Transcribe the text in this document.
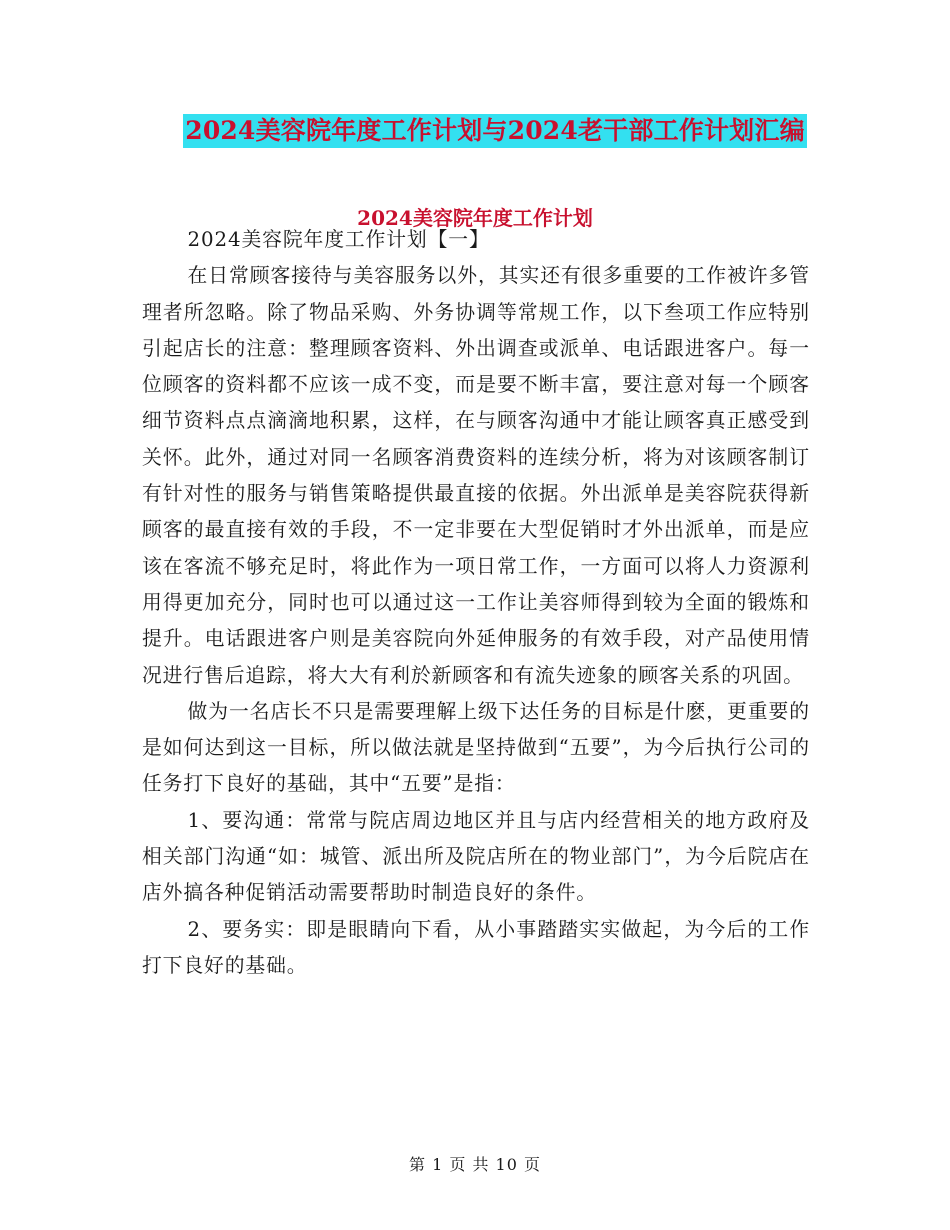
2024美容院年度工作计划与2024老干部工作计划汇编
2024美容院年度工作计划

2024美容院年度工作计划【一】

在日常顾客接待与美容服务以外，其实还有很多重要的工作被许多管理者所忽略。除了物品采购、外务协调等常规工作，以下叁项工作应特别引起店长的注意：整理顾客资料、外出调查或派单、电话跟进客户。每一位顾客的资料都不应该一成不变，而是要不断丰富，要注意对每一个顾客细节资料点点滴滴地积累，这样，在与顾客沟通中才能让顾客真正感受到关怀。此外，通过对同一名顾客消费资料的连续分析，将为对该顾客制订有针对性的服务与销售策略提供最直接的依据。外出派单是美容院获得新顾客的最直接有效的手段，不一定非要在大型促销时才外出派单，而是应该在客流不够充足时，将此作为一项日常工作，一方面可以将人力资源利用得更加充分，同时也可以通过这一工作让美容师得到较为全面的锻炼和提升。电话跟进客户则是美容院向外延伸服务的有效手段，对产品使用情况进行售后追踪，将大大有利於新顾客和有流失迹象的顾客关系的巩固。

做为一名店长不只是需要理解上级下达任务的目标是什麽，更重要的是如何达到这一目标，所以做法就是坚持做到“五要”，为今后执行公司的任务打下良好的基础，其中“五要”是指：

1、要沟通：常常与院店周边地区并且与店内经营相关的地方政府及相关部门沟通“如：城管、派出所及院店所在的物业部门”，为今后院店在店外搞各种促销活动需要帮助时制造良好的条件。

2、要务实：即是眼睛向下看，从小事踏踏实实做起，为今后的工作打下良好的基础。

第 1 页 共 10 页
